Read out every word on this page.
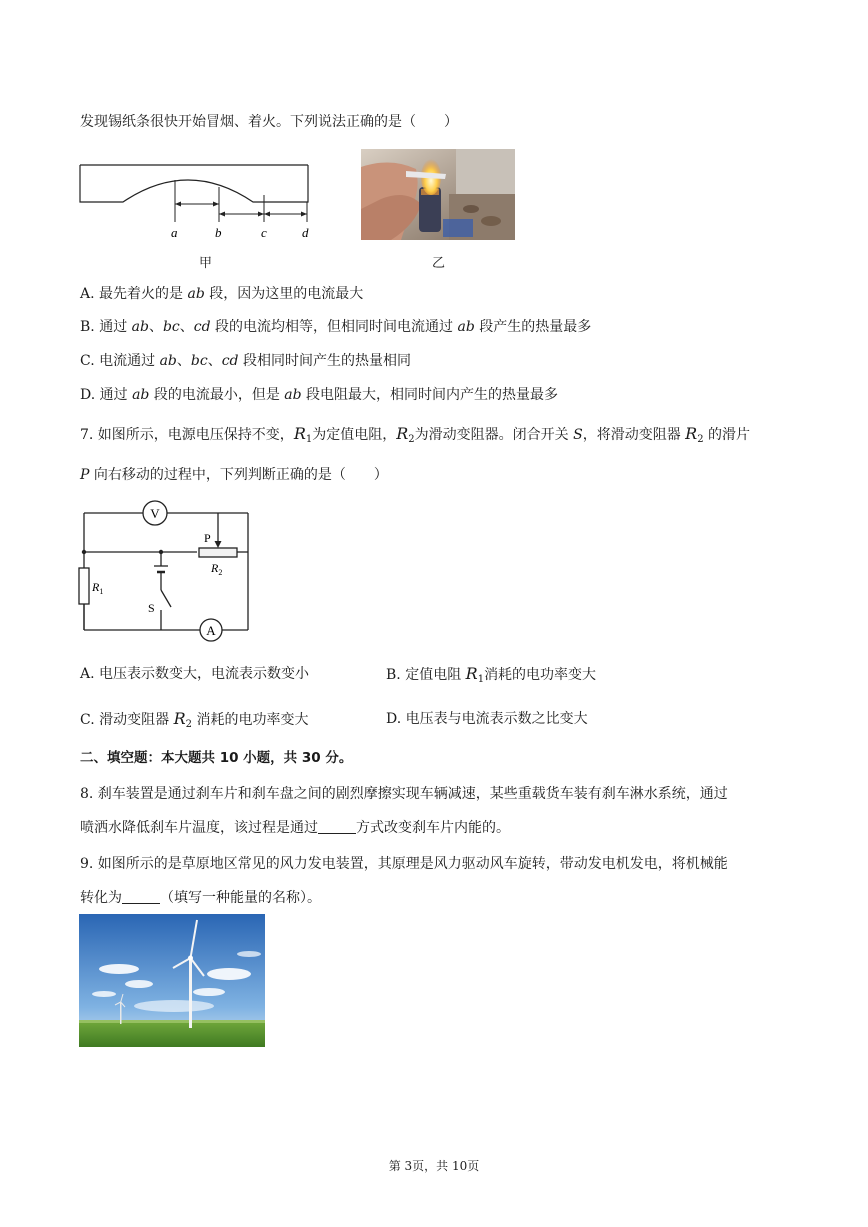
发现锡纸条很快开始冒烟、着火。下列说法正确的是（　　）
a	b	c	d
甲	乙
A. 最先着火的是 ab 段，因为这里的电流最大
B. 通过 ab、bc、cd 段的电流均相等，但相同时间电流通过 ab 段产生的热量最多
C. 电流通过 ab、bc、cd 段相同时间产生的热量相同
D. 通过 ab 段的电流最小，但是 ab 段电阻最大，相同时间内产生的热量最多
7. 如图所示，电源电压保持不变，$R_1$为定值电阻，$R_2$为滑动变阻器。闭合开关 S，将滑动变阻器 $R_2$ 的滑片
P 向右移动的过程中，下列判断正确的是（　　）
V
A
P
$R_2$
$R_1$
S
A. 电压表示数变大，电流表示数变小	B. 定值电阻 $R_1$消耗的电功率变大
C. 滑动变阻器 $R_2$ 消耗的电功率变大	D. 电压表与电流表示数之比变大
二、填空题：本大题共 10 小题，共 30 分。
8. 刹车装置是通过刹车片和刹车盘之间的剧烈摩擦实现车辆减速，某些重载货车装有刹车淋水系统，通过
喷洒水降低刹车片温度，该过程是通过	方式改变刹车片内能的。
9. 如图所示的是草原地区常见的风力发电装置，其原理是风力驱动风车旋转，带动发电机发电，将机械能
转化为	（填写一种能量的名称）。
第 3页，共 10页
